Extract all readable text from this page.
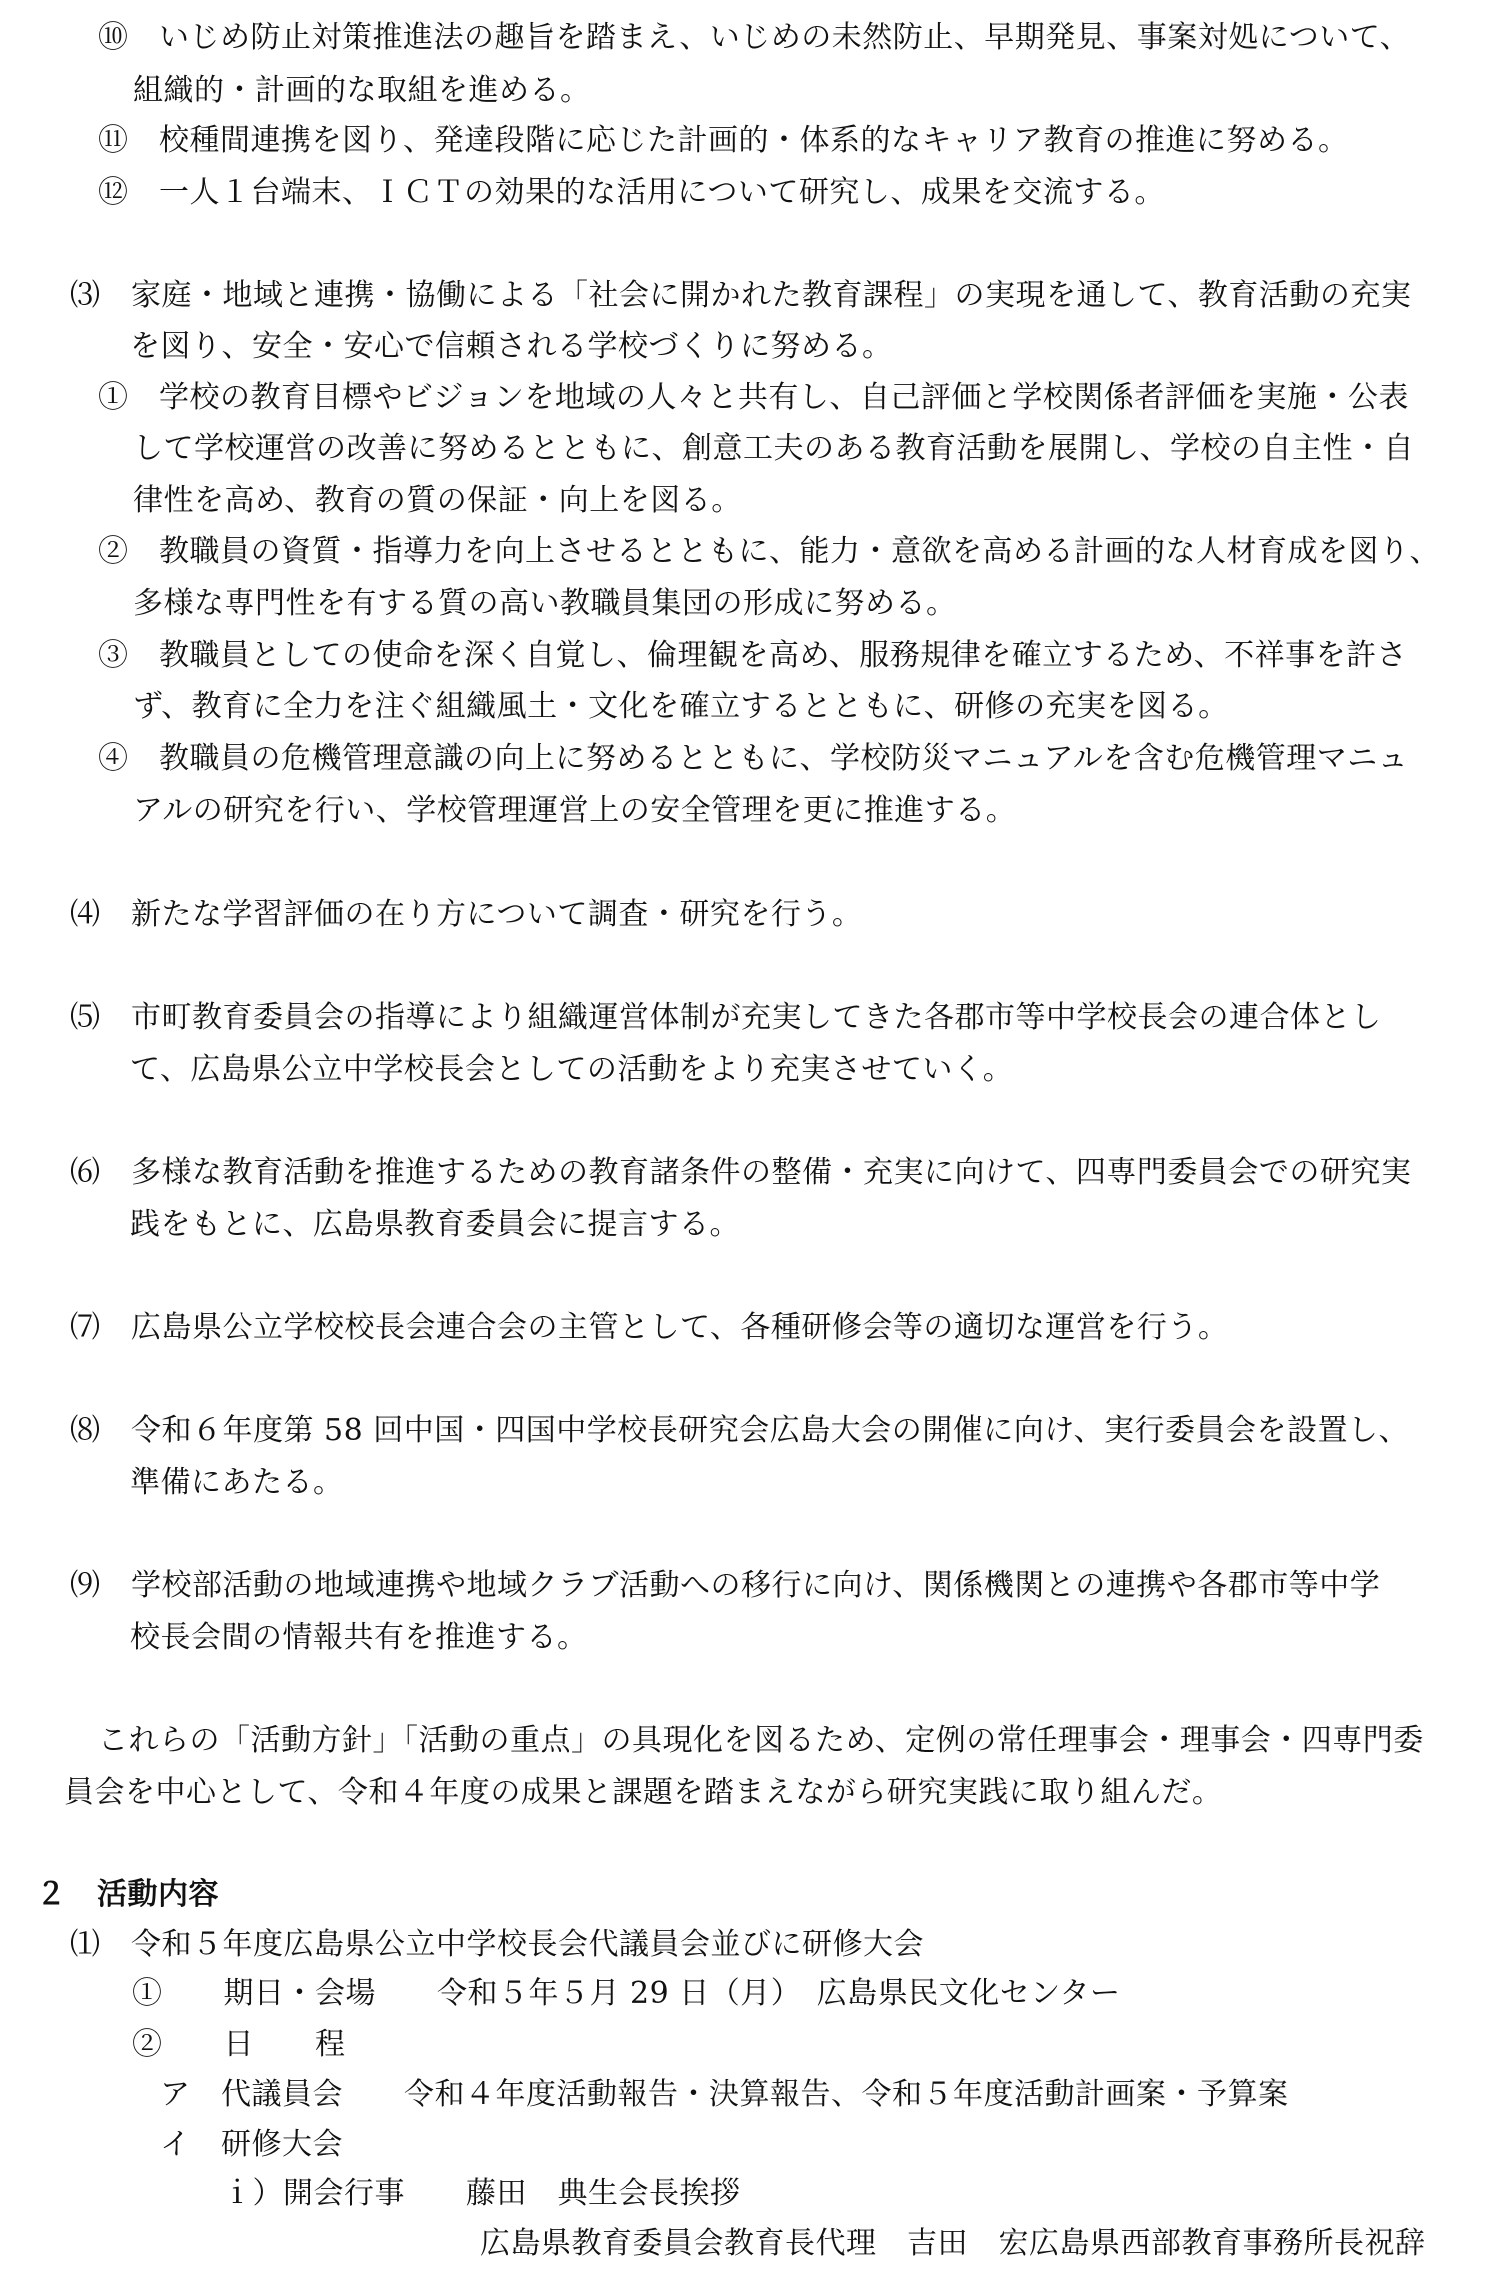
⑩　いじめ防止対策推進法の趣旨を踏まえ、いじめの未然防止、早期発見、事案対処について、
組織的・計画的な取組を進める。
⑪　校種間連携を図り、発達段階に応じた計画的・体系的なキャリア教育の推進に努める。
⑫　一人１台端末、ＩＣＴの効果的な活用について研究し、成果を交流する。
⑶　家庭・地域と連携・協働による「社会に開かれた教育課程」の実現を通して、教育活動の充実
を図り、安全・安心で信頼される学校づくりに努める。
①　学校の教育目標やビジョンを地域の人々と共有し、自己評価と学校関係者評価を実施・公表
して学校運営の改善に努めるとともに、創意工夫のある教育活動を展開し、学校の自主性・自
律性を高め、教育の質の保証・向上を図る。
②　教職員の資質・指導力を向上させるとともに、能力・意欲を高める計画的な人材育成を図り、
多様な専門性を有する質の高い教職員集団の形成に努める。
③　教職員としての使命を深く自覚し、倫理観を高め、服務規律を確立するため、不祥事を許さ
ず、教育に全力を注ぐ組織風土・文化を確立するとともに、研修の充実を図る。
④　教職員の危機管理意識の向上に努めるとともに、学校防災マニュアルを含む危機管理マニュ
アルの研究を行い、学校管理運営上の安全管理を更に推進する。
⑷　新たな学習評価の在り方について調査・研究を行う。
⑸　市町教育委員会の指導により組織運営体制が充実してきた各郡市等中学校長会の連合体とし
て、広島県公立中学校長会としての活動をより充実させていく。
⑹　多様な教育活動を推進するための教育諸条件の整備・充実に向けて、四専門委員会での研究実
践をもとに、広島県教育委員会に提言する。
⑺　広島県公立学校校長会連合会の主管として、各種研修会等の適切な運営を行う。
⑻　令和６年度第 58 回中国・四国中学校長研究会広島大会の開催に向け、実行委員会を設置し、
準備にあたる。
⑼　学校部活動の地域連携や地域クラブ活動への移行に向け、関係機関との連携や各郡市等中学
校長会間の情報共有を推進する。
これらの「活動方針」「活動の重点」の具現化を図るため、定例の常任理事会・理事会・四専門委
員会を中心として、令和４年度の成果と課題を踏まえながら研究実践に取り組んだ。
２　活動内容
⑴　令和５年度広島県公立中学校長会代議員会並びに研修大会
①　　期日・会場　　令和５年５月 29 日（月）　広島県民文化センター
②　　日　　程
ア　代議員会　　令和４年度活動報告・決算報告、令和５年度活動計画案・予算案
イ　研修大会
ｉ）開会行事　　藤田　典生会長挨拶
広島県教育委員会教育長代理　吉田　宏広島県西部教育事務所長祝辞
